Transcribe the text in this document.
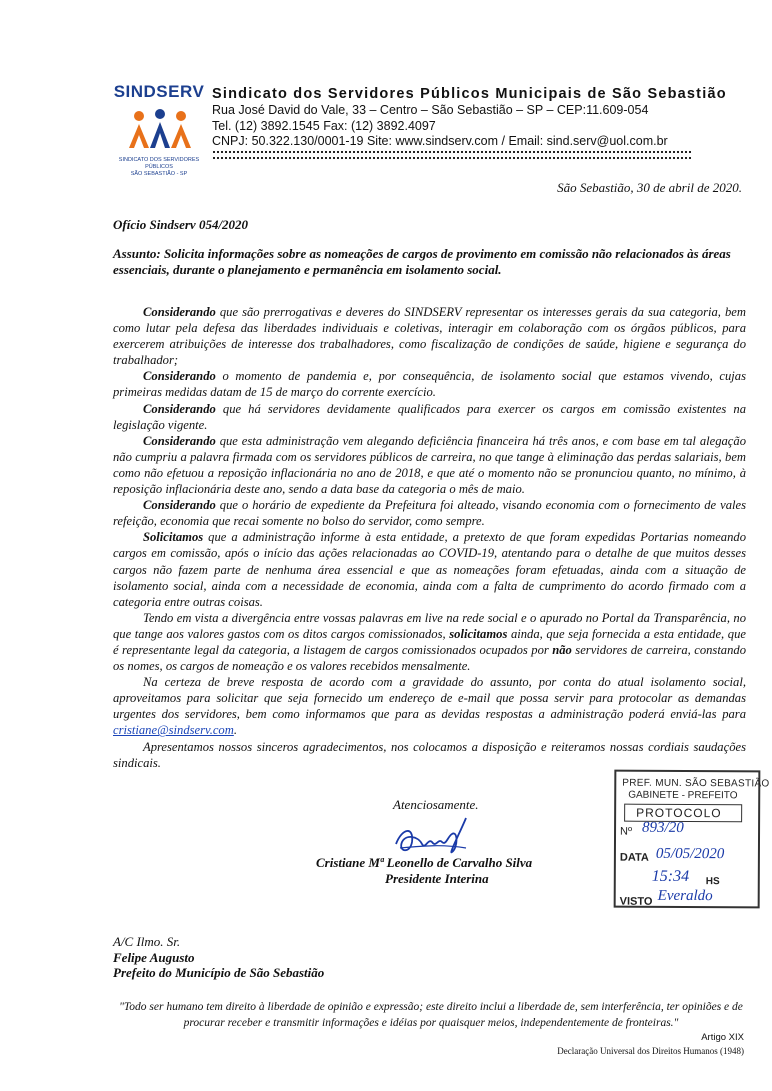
SINDSERV
SINDICATO DOS SERVIDORES PÚBLICOS
SÃO SEBASTIÃO - SP
Sindicato dos Servidores Públicos Municipais de São Sebastião
Rua José David do Vale, 33 – Centro – São Sebastião – SP – CEP:11.609-054
Tel. (12) 3892.1545 Fax: (12) 3892.4097
CNPJ: 50.322.130/0001-19 Site: www.sindserv.com / Email: sind.serv@uol.com.br
São Sebastião, 30 de abril de 2020.
Ofício Sindserv 054/2020
Assunto: Solicita informações sobre as nomeações de cargos de provimento em comissão não relacionados às áreas essenciais, durante o planejamento e permanência em isolamento social.

Considerando que são prerrogativas e deveres do SINDSERV representar os interesses gerais da sua categoria, bem como lutar pela defesa das liberdades individuais e coletivas, interagir em colaboração com os órgãos públicos, para exercerem atribuições de interesse dos trabalhadores, como fiscalização de condições de saúde, higiene e segurança do trabalhador;

Considerando o momento de pandemia e, por consequência, de isolamento social que estamos vivendo, cujas primeiras medidas datam de 15 de março do corrente exercício.

Considerando que há servidores devidamente qualificados para exercer os cargos em comissão existentes na legislação vigente.

Considerando que esta administração vem alegando deficiência financeira há três anos, e com base em tal alegação não cumpriu a palavra firmada com os servidores públicos de carreira, no que tange à eliminação das perdas salariais, bem como não efetuou a reposição inflacionária no ano de 2018, e que até o momento não se pronunciou quanto, no mínimo, à reposição inflacionária deste ano, sendo a data base da categoria o mês de maio.

Considerando que o horário de expediente da Prefeitura foi alteado, visando economia com o fornecimento de vales refeição, economia que recai somente no bolso do servidor, como sempre.

Solicitamos que a administração informe à esta entidade, a pretexto de que foram expedidas Portarias nomeando cargos em comissão, após o início das ações relacionadas ao COVID-19, atentando para o detalhe de que muitos desses cargos não fazem parte de nenhuma área essencial e que as nomeações foram efetuadas, ainda com a situação de isolamento social, ainda com a necessidade de economia, ainda com a falta de cumprimento do acordo firmado com a categoria entre outras coisas.

Tendo em vista a divergência entre vossas palavras em live na rede social e o apurado no Portal da Transparência, no que tange aos valores gastos com os ditos cargos comissionados, solicitamos ainda, que seja fornecida a esta entidade, que é representante legal da categoria, a listagem de cargos comissionados ocupados por não servidores de carreira, constando os nomes, os cargos de nomeação e os valores recebidos mensalmente.

Na certeza de breve resposta de acordo com a gravidade do assunto, por conta do atual isolamento social, aproveitamos para solicitar que seja fornecido um endereço de e-mail que possa servir para protocolar as demandas urgentes dos servidores, bem como informamos que para as devidas respostas a administração poderá enviá-las para cristiane@sindserv.com.

Apresentamos nossos sinceros agradecimentos, nos colocamos a disposição e reiteramos nossas cordiais saudações sindicais.

Atenciosamente.
Cristiane Mª Leonello de Carvalho Silva
Presidente Interina
PREF. MUN. SÃO SEBASTIÃO
GABINETE - PREFEITO
PROTOCOLO
Nº 893/20
DATA 05/05/2020
15:34 HS
VISTO Everaldo
A/C Ilmo. Sr.
Felipe Augusto
Prefeito do Município de São Sebastião
"Todo ser humano tem direito à liberdade de opinião e expressão; este direito inclui a liberdade de, sem interferência, ter opiniões e de procurar receber e transmitir informações e idéias por quaisquer meios, independentemente de fronteiras."
Artigo XIX
Declaração Universal dos Direitos Humanos (1948)
